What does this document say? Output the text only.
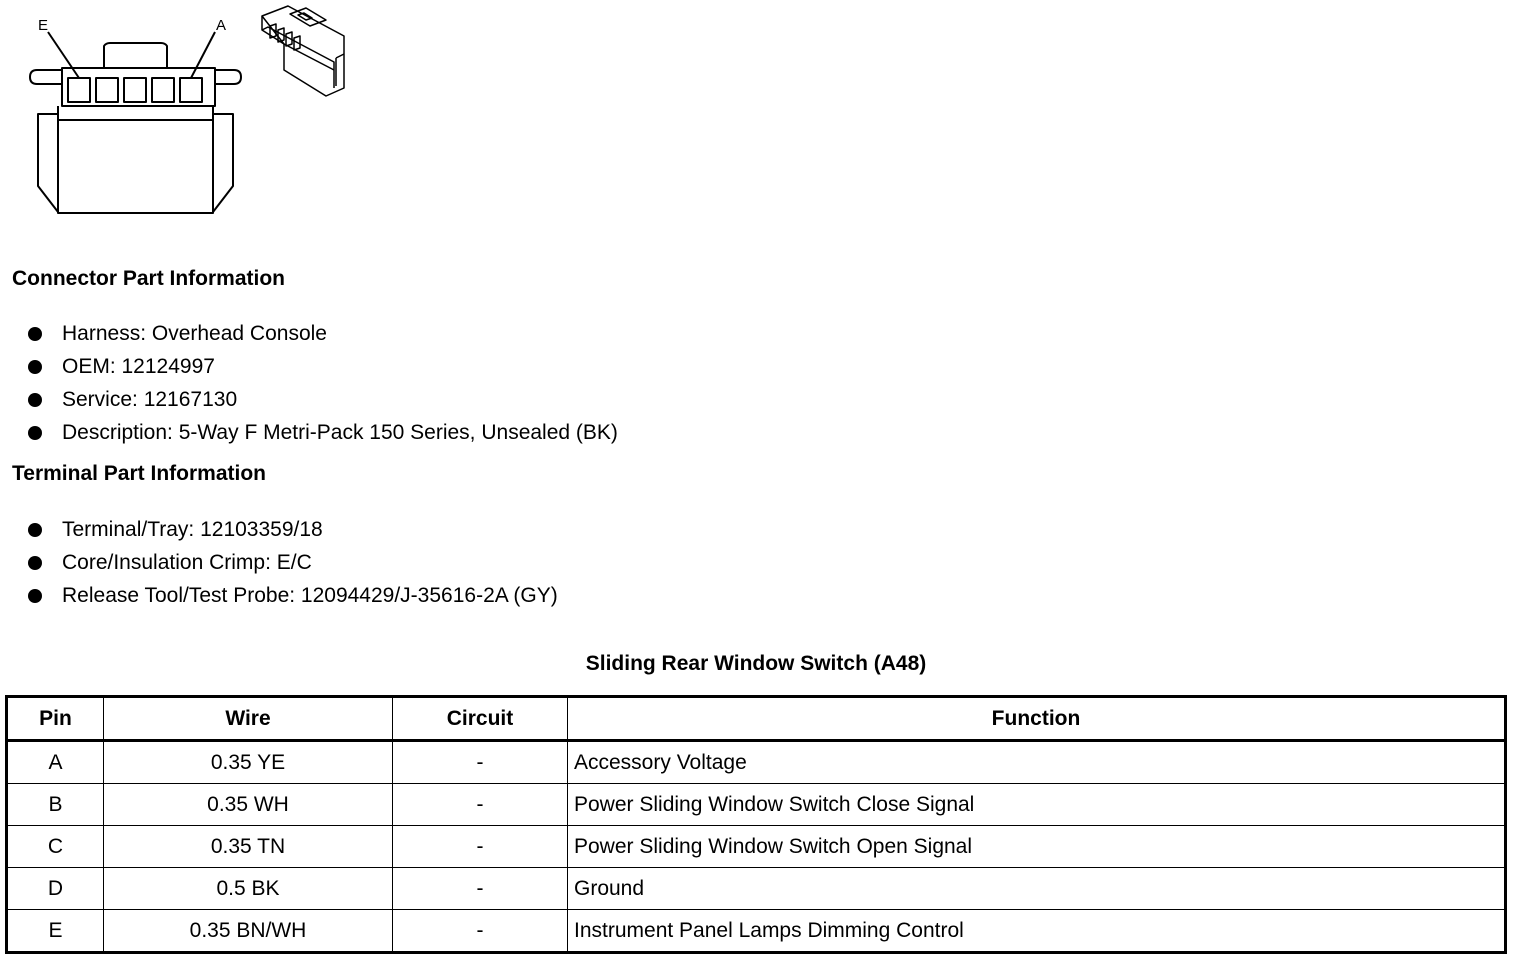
E	A
Connector Part Information
Harness: Overhead Console
OEM: 12124997
Service: 12167130
Description: 5-Way F Metri-Pack 150 Series, Unsealed (BK)
Terminal Part Information
Terminal/Tray: 12103359/18
Core/Insulation Crimp: E/C
Release Tool/Test Probe: 12094429/J-35616-2A (GY)
Sliding Rear Window Switch (A48)
Pin	Wire	Circuit	Function
A	0.35 YE	-	Accessory Voltage
B	0.35 WH	-	Power Sliding Window Switch Close Signal
C	0.35 TN	-	Power Sliding Window Switch Open Signal
D	0.5 BK	-	Ground
E	0.35 BN/WH	-	Instrument Panel Lamps Dimming Control
